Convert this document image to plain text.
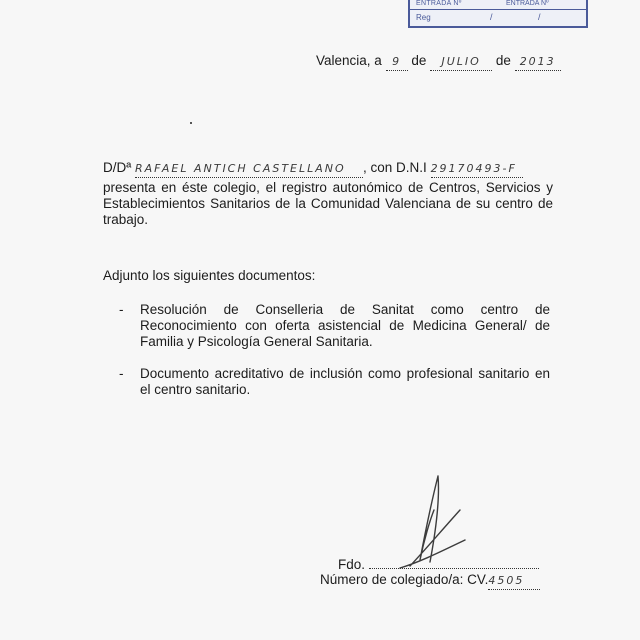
ENTRADA Nº	ENTRADA Nº
Reg	/	/
Valencia, a 9 de JULIO de 2013
D/Dª RAFAEL ANTICH CASTELLANO , con D.N.I 29170493-F
presenta en éste colegio, el registro autonómico de Centros, Servicios y Establecimientos Sanitarios de la Comunidad Valenciana de su centro de trabajo.
Adjunto los siguientes documentos:
- Resolución de Conselleria de Sanitat como centro de Reconocimiento con oferta asistencial de Medicina General/ de Familia y Psicología General Sanitaria.
- Documento acreditativo de inclusión como profesional sanitario en el centro sanitario.
Fdo.
Número de colegiado/a: CV.4505
